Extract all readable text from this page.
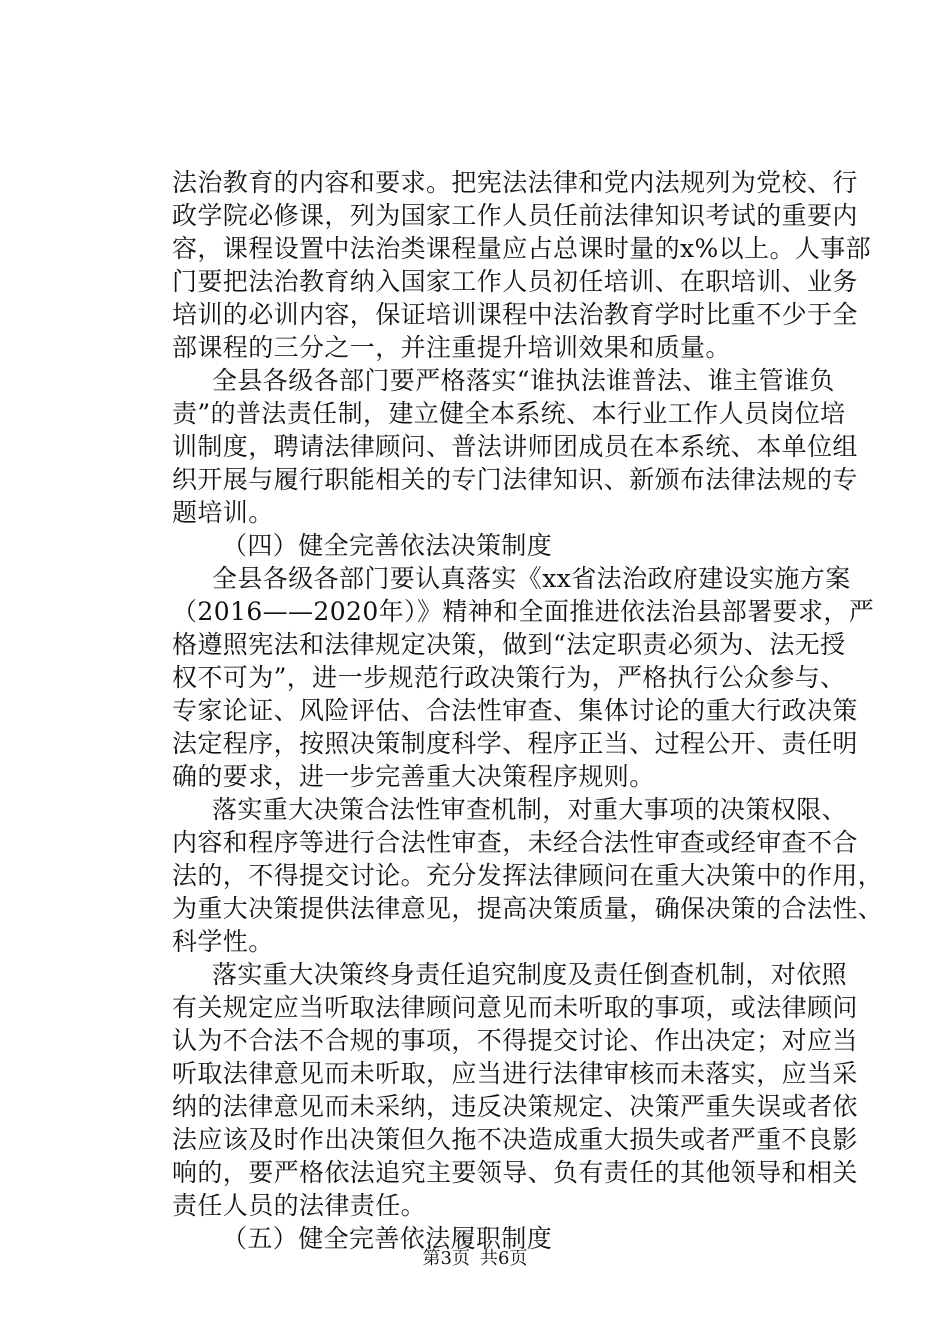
法治教育的内容和要求。把宪法法律和党内法规列为党校、行
政学院必修课，列为国家工作人员任前法律知识考试的重要内
容，课程设置中法治类课程量应占总课时量的x%以上。人事部
门要把法治教育纳入国家工作人员初任培训、在职培训、业务
培训的必训内容，保证培训课程中法治教育学时比重不少于全
部课程的三分之一，并注重提升培训效果和质量。
全县各级各部门要严格落实“谁执法谁普法、谁主管谁负
责”的普法责任制，建立健全本系统、本行业工作人员岗位培
训制度，聘请法律顾问、普法讲师团成员在本系统、本单位组
织开展与履行职能相关的专门法律知识、新颁布法律法规的专
题培训。
（四）健全完善依法决策制度
全县各级各部门要认真落实《xx省法治政府建设实施方案
（2016——2020年）》精神和全面推进依法治县部署要求，严
格遵照宪法和法律规定决策，做到“法定职责必须为、法无授
权不可为”，进一步规范行政决策行为，严格执行公众参与、
专家论证、风险评估、合法性审查、集体讨论的重大行政决策
法定程序，按照决策制度科学、程序正当、过程公开、责任明
确的要求，进一步完善重大决策程序规则。
落实重大决策合法性审查机制，对重大事项的决策权限、
内容和程序等进行合法性审查，未经合法性审查或经审查不合
法的，不得提交讨论。充分发挥法律顾问在重大决策中的作用，
为重大决策提供法律意见，提高决策质量，确保决策的合法性、
科学性。
落实重大决策终身责任追究制度及责任倒查机制，对依照
有关规定应当听取法律顾问意见而未听取的事项，或法律顾问
认为不合法不合规的事项，不得提交讨论、作出决定；对应当
听取法律意见而未听取，应当进行法律审核而未落实，应当采
纳的法律意见而未采纳，违反决策规定、决策严重失误或者依
法应该及时作出决策但久拖不决造成重大损失或者严重不良影
响的，要严格依法追究主要领导、负有责任的其他领导和相关
责任人员的法律责任。
（五）健全完善依法履职制度
第3页 共6页
